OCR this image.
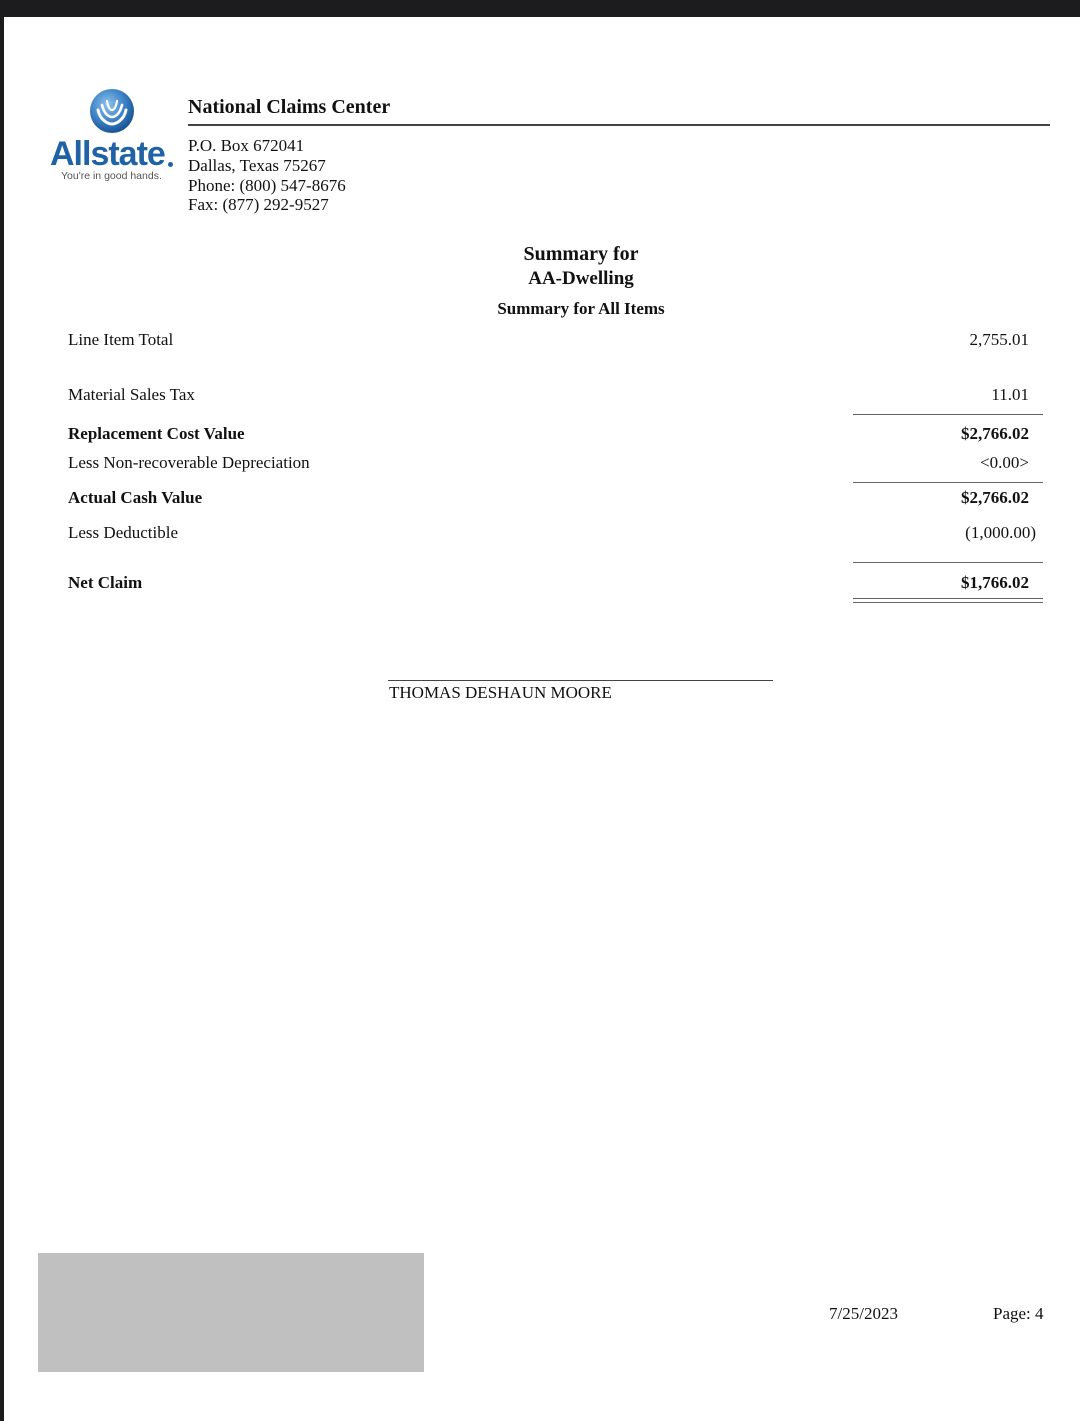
Allstate
You're in good hands.
National Claims Center
P.O. Box 672041
Dallas, Texas 75267
Phone: (800) 547-8676
Fax: (877) 292-9527
Summary for
AA-Dwelling
Summary for All Items
Line Item Total	2,755.01
Material Sales Tax	11.01
Replacement Cost Value	$2,766.02
Less Non-recoverable Depreciation	<0.00>
Actual Cash Value	$2,766.02
Less Deductible	(1,000.00)
Net Claim	$1,766.02
THOMAS DESHAUN MOORE
7/25/2023	Page: 4
